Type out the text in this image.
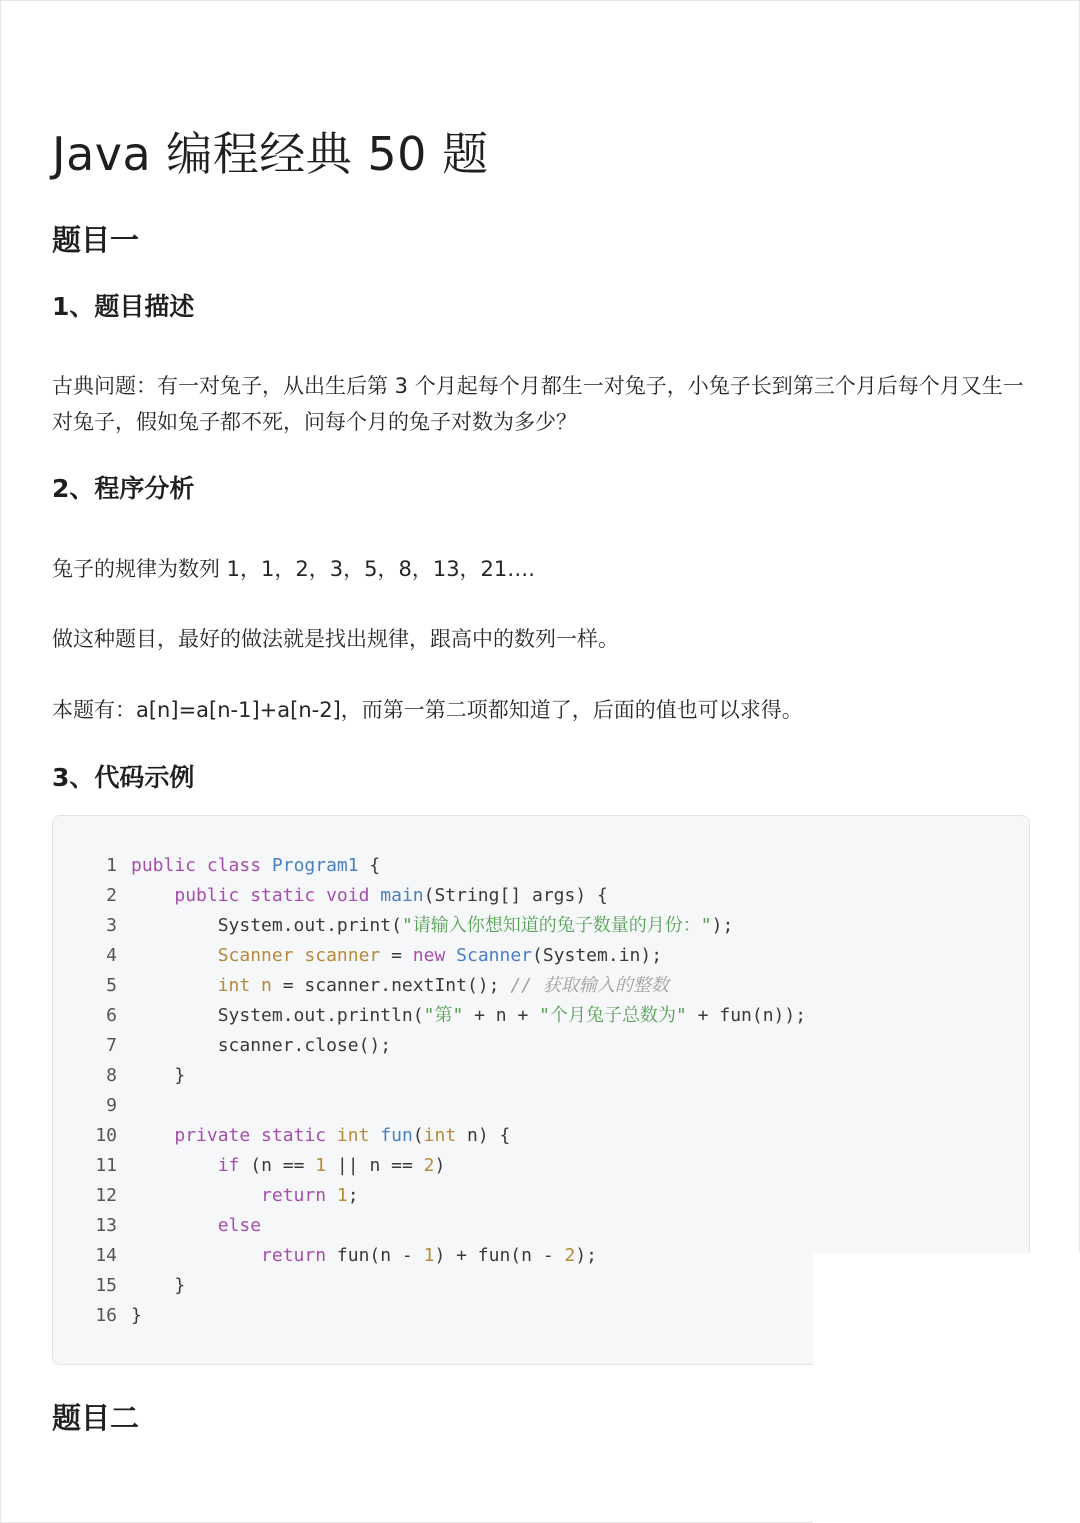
Java 编程经典 50 题
题目一
1、题目描述
古典问题：有一对兔子，从出生后第 3 个月起每个月都生一对兔子，小兔子长到第三个月后每个月又生一对兔子，假如兔子都不死，问每个月的兔子对数为多少？
2、程序分析
兔子的规律为数列 1，1，2，3，5，8，13，21….
做这种题目，最好的做法就是找出规律，跟高中的数列一样。
本题有：a[n]=a[n-1]+a[n-2]，而第一第二项都知道了，后面的值也可以求得。
3、代码示例
1 public class Program1 {
2	public static void main(String[] args) {
3        System.out.print("请输入你想知道的兔子数量的月份：");
4	Scanner scanner = new Scanner(System.in);
5	int n = scanner.nextInt(); // 获取输入的整数
6        System.out.println("第" + n + "个月兔子总数为" + fun(n));
7        scanner.close();
8    }
9
10	private static int fun(int n) {
11	if (n == 1 || n == 2)
12	return 1;
13	else
14	return fun(n - 1) + fun(n - 2);
15    }
16 }
题目二
